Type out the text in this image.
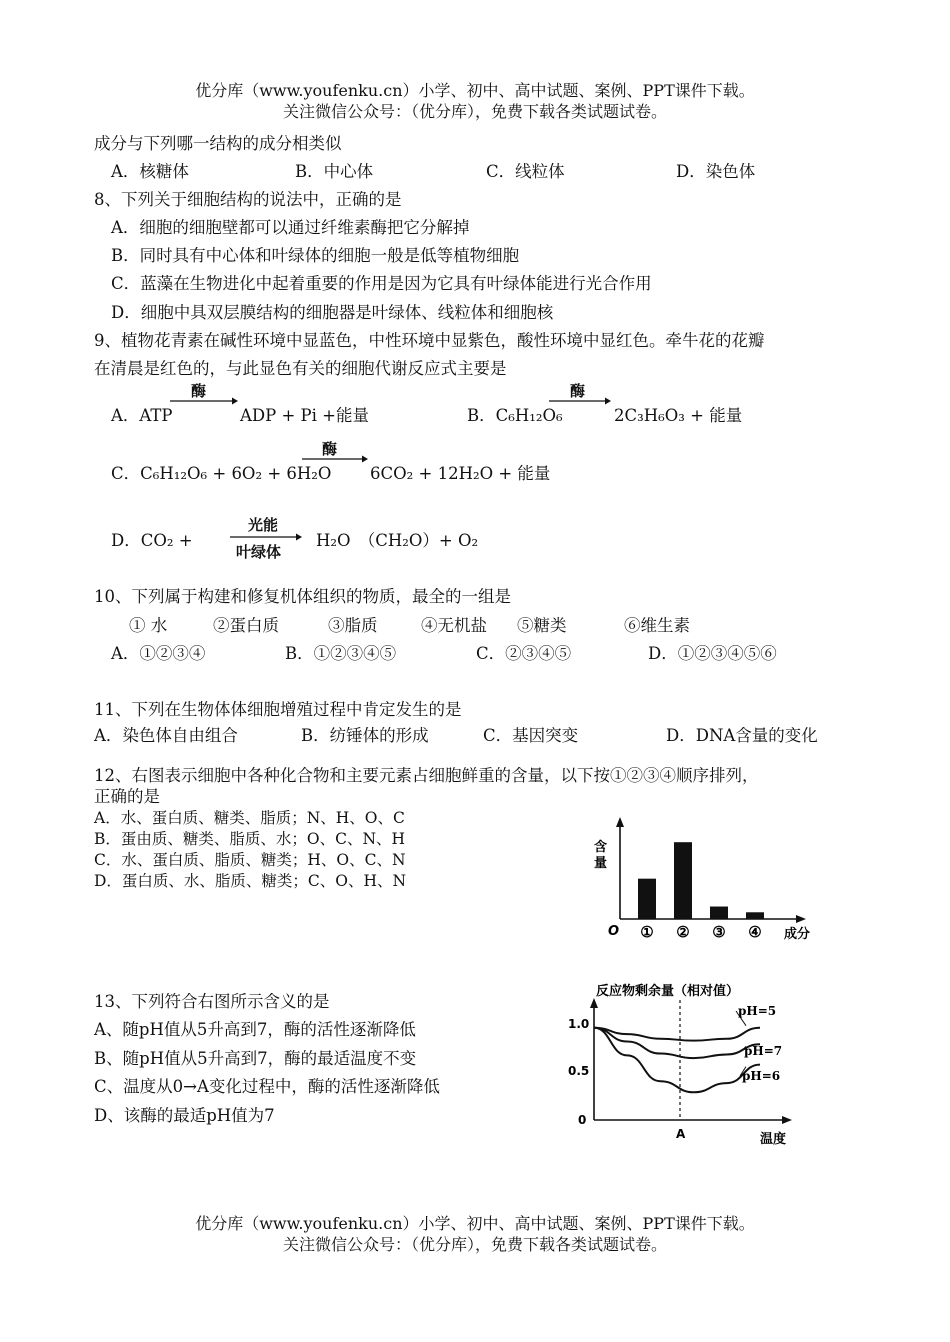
优分库（www.youfenku.cn）小学、初中、高中试题、案例、PPT课件下载。
关注微信公众号：（优分库），免费下载各类试题试卷。
成分与下列哪一结构的成分相类似
A．核糖体	B．中心体	C．线粒体	D．染色体
8、下列关于细胞结构的说法中，正确的是
A．细胞的细胞壁都可以通过纤维素酶把它分解掉
B．同时具有中心体和叶绿体的细胞一般是低等植物细胞
C．蓝藻在生物进化中起着重要的作用是因为它具有叶绿体能进行光合作用
D．细胞中具双层膜结构的细胞器是叶绿体、线粒体和细胞核
9、植物花青素在碱性环境中显蓝色，中性环境中显紫色，酸性环境中显红色。牵牛花的花瓣
在清晨是红色的，与此显色有关的细胞代谢反应式主要是
A．ATP
酶
ADP + Pi +能量	B．C₆H₁₂O₆
酶
2C₃H₆O₃ + 能量
C．C₆H₁₂O₆ + 6O₂ + 6H₂O
酶
6CO₂ + 12H₂O + 能量
D．CO₂ +
光能
叶绿体
H₂O　（CH₂O）+ O₂
10、下列属于构建和修复机体组织的物质，最全的一组是
① 水	②蛋白质	③脂质	④无机盐 ⑤糖类	⑥维生素
A．①②③④	B．①②③④⑤	C．②③④⑤	D．①②③④⑤⑥
11、下列在生物体体细胞增殖过程中肯定发生的是
A．染色体自由组合	B．纺锤体的形成	C．基因突变	D．DNA含量的变化
12、右图表示细胞中各种化合物和主要元素占细胞鲜重的含量，以下按①②③④顺序排列，
正确的是
A．水、蛋白质、糖类、脂质；N、H、O、C
B．蛋由质、糖类、脂质、水；O、C、N、H
C．水、蛋白质、脂质、糖类；H、O、C、N
D．蛋白质、水、脂质、糖类；C、O、H、N
含
量
O	成分
① ② ③ ④
13、下列符合右图所示含义的是
A、随pH值从5升高到7，酶的活性逐渐降低
B、随pH值从5升高到7，酶的最适温度不变
C、温度从0→A变化过程中，酶的活性逐渐降低
D、该酶的最适pH值为7
反应物剩余量（相对值）
1.0
0.5
0
A	温度
pH=5
pH=7
pH=6
优分库（www.youfenku.cn）小学、初中、高中试题、案例、PPT课件下载。
关注微信公众号：（优分库），免费下载各类试题试卷。
